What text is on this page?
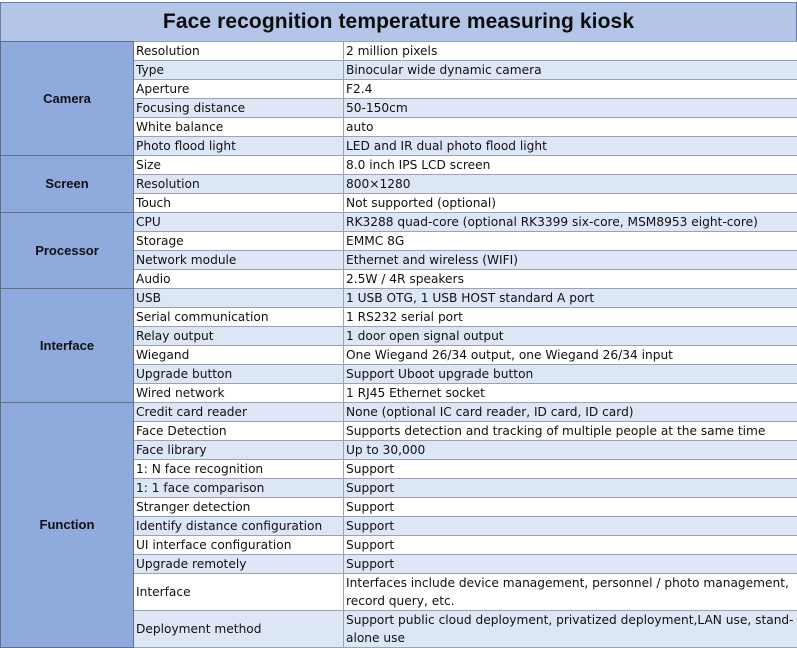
Face recognition temperature measuring kiosk
Camera	Resolution	2 million pixels
	Type	Binocular wide dynamic camera
	Aperture	F2.4
	Focusing distance	50-150cm
	White balance	auto
	Photo flood light	LED and IR dual photo flood light
Screen	Size	8.0 inch IPS LCD screen
	Resolution	800×1280
	Touch	Not supported (optional)
Processor	CPU	RK3288 quad-core (optional RK3399 six-core, MSM8953 eight-core)
	Storage	EMMC 8G
	Network module	Ethernet and wireless (WIFI)
	Audio	2.5W / 4R speakers
Interface	USB	1 USB OTG, 1 USB HOST standard A port
	Serial communication	1 RS232 serial port
	Relay output	1 door open signal output
	Wiegand	One Wiegand 26/34 output, one Wiegand 26/34 input
	Upgrade button	Support Uboot upgrade button
	Wired network	1 RJ45 Ethernet socket
Function	Credit card reader	None (optional IC card reader, ID card, ID card)
	Face Detection	Supports detection and tracking of multiple people at the same time
	Face library	Up to 30,000
	1: N face recognition	Support
	1: 1 face comparison	Support
	Stranger detection	Support
	Identify distance configuration	Support
	UI interface configuration	Support
	Upgrade remotely	Support
	Interface	Interfaces include device management, personnel / photo management, record query, etc.
	Deployment method	Support public cloud deployment, privatized deployment,LAN use, stand-alone use
